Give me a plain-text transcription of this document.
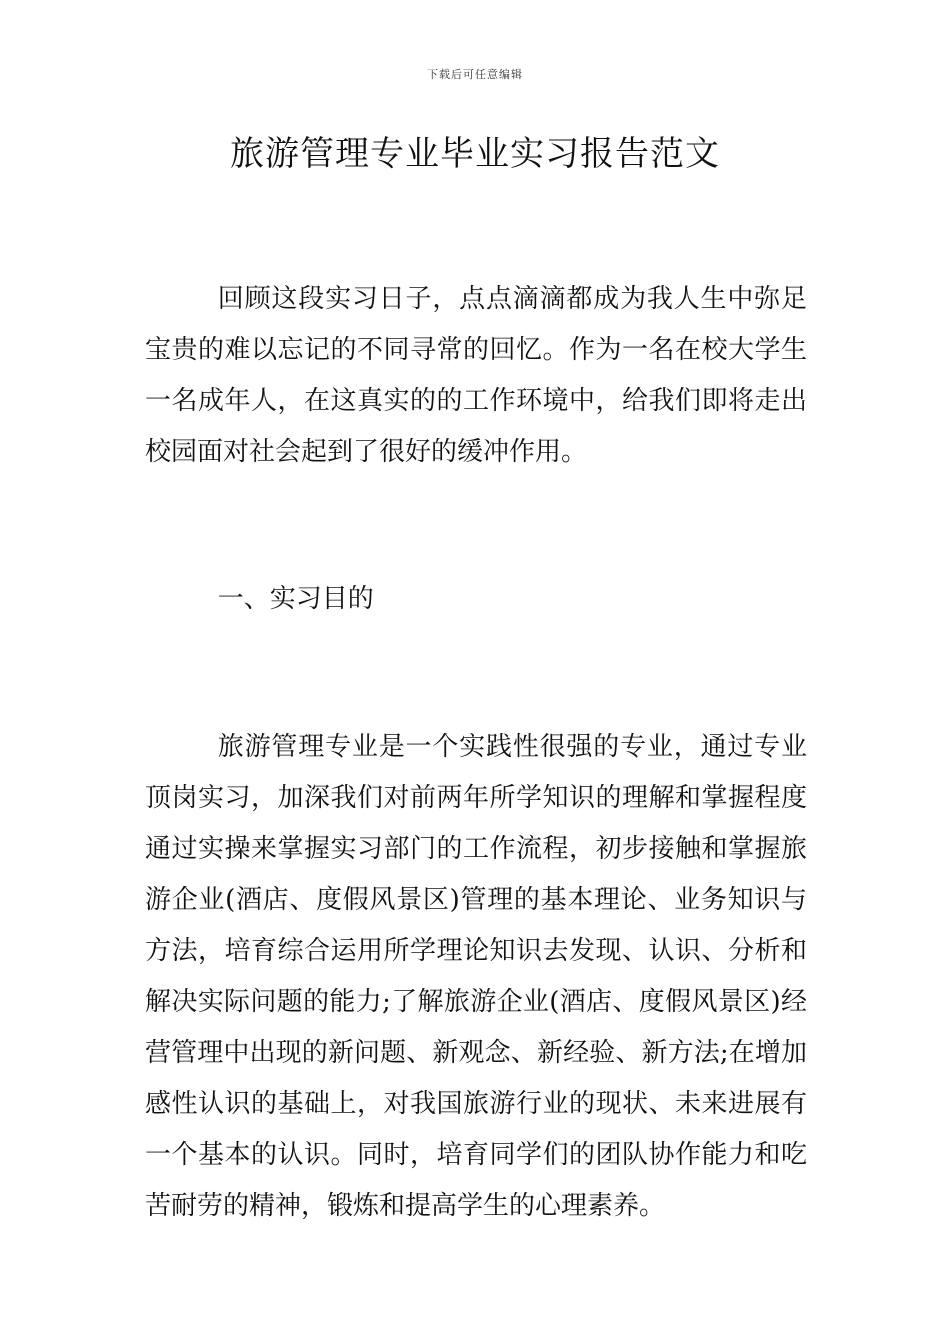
下载后可任意编辑
旅游管理专业毕业实习报告范文

回顾这段实习日子，点点滴滴都成为我人生中弥足宝贵的难以忘记的不同寻常的回忆。作为一名在校大学生一名成年人，在这真实的的工作环境中，给我们即将走出校园面对社会起到了很好的缓冲作用。

一、实习目的

旅游管理专业是一个实践性很强的专业，通过专业顶岗实习，加深我们对前两年所学知识的理解和掌握程度通过实操来掌握实习部门的工作流程，初步接触和掌握旅游企业(酒店、度假风景区)管理的基本理论、业务知识与方法，培育综合运用所学理论知识去发现、认识、分析和解决实际问题的能力;了解旅游企业(酒店、度假风景区)经营管理中出现的新问题、新观念、新经验、新方法;在增加感性认识的基础上，对我国旅游行业的现状、未来进展有一个基本的认识。同时，培育同学们的团队协作能力和吃苦耐劳的精神，锻炼和提高学生的心理素养。
